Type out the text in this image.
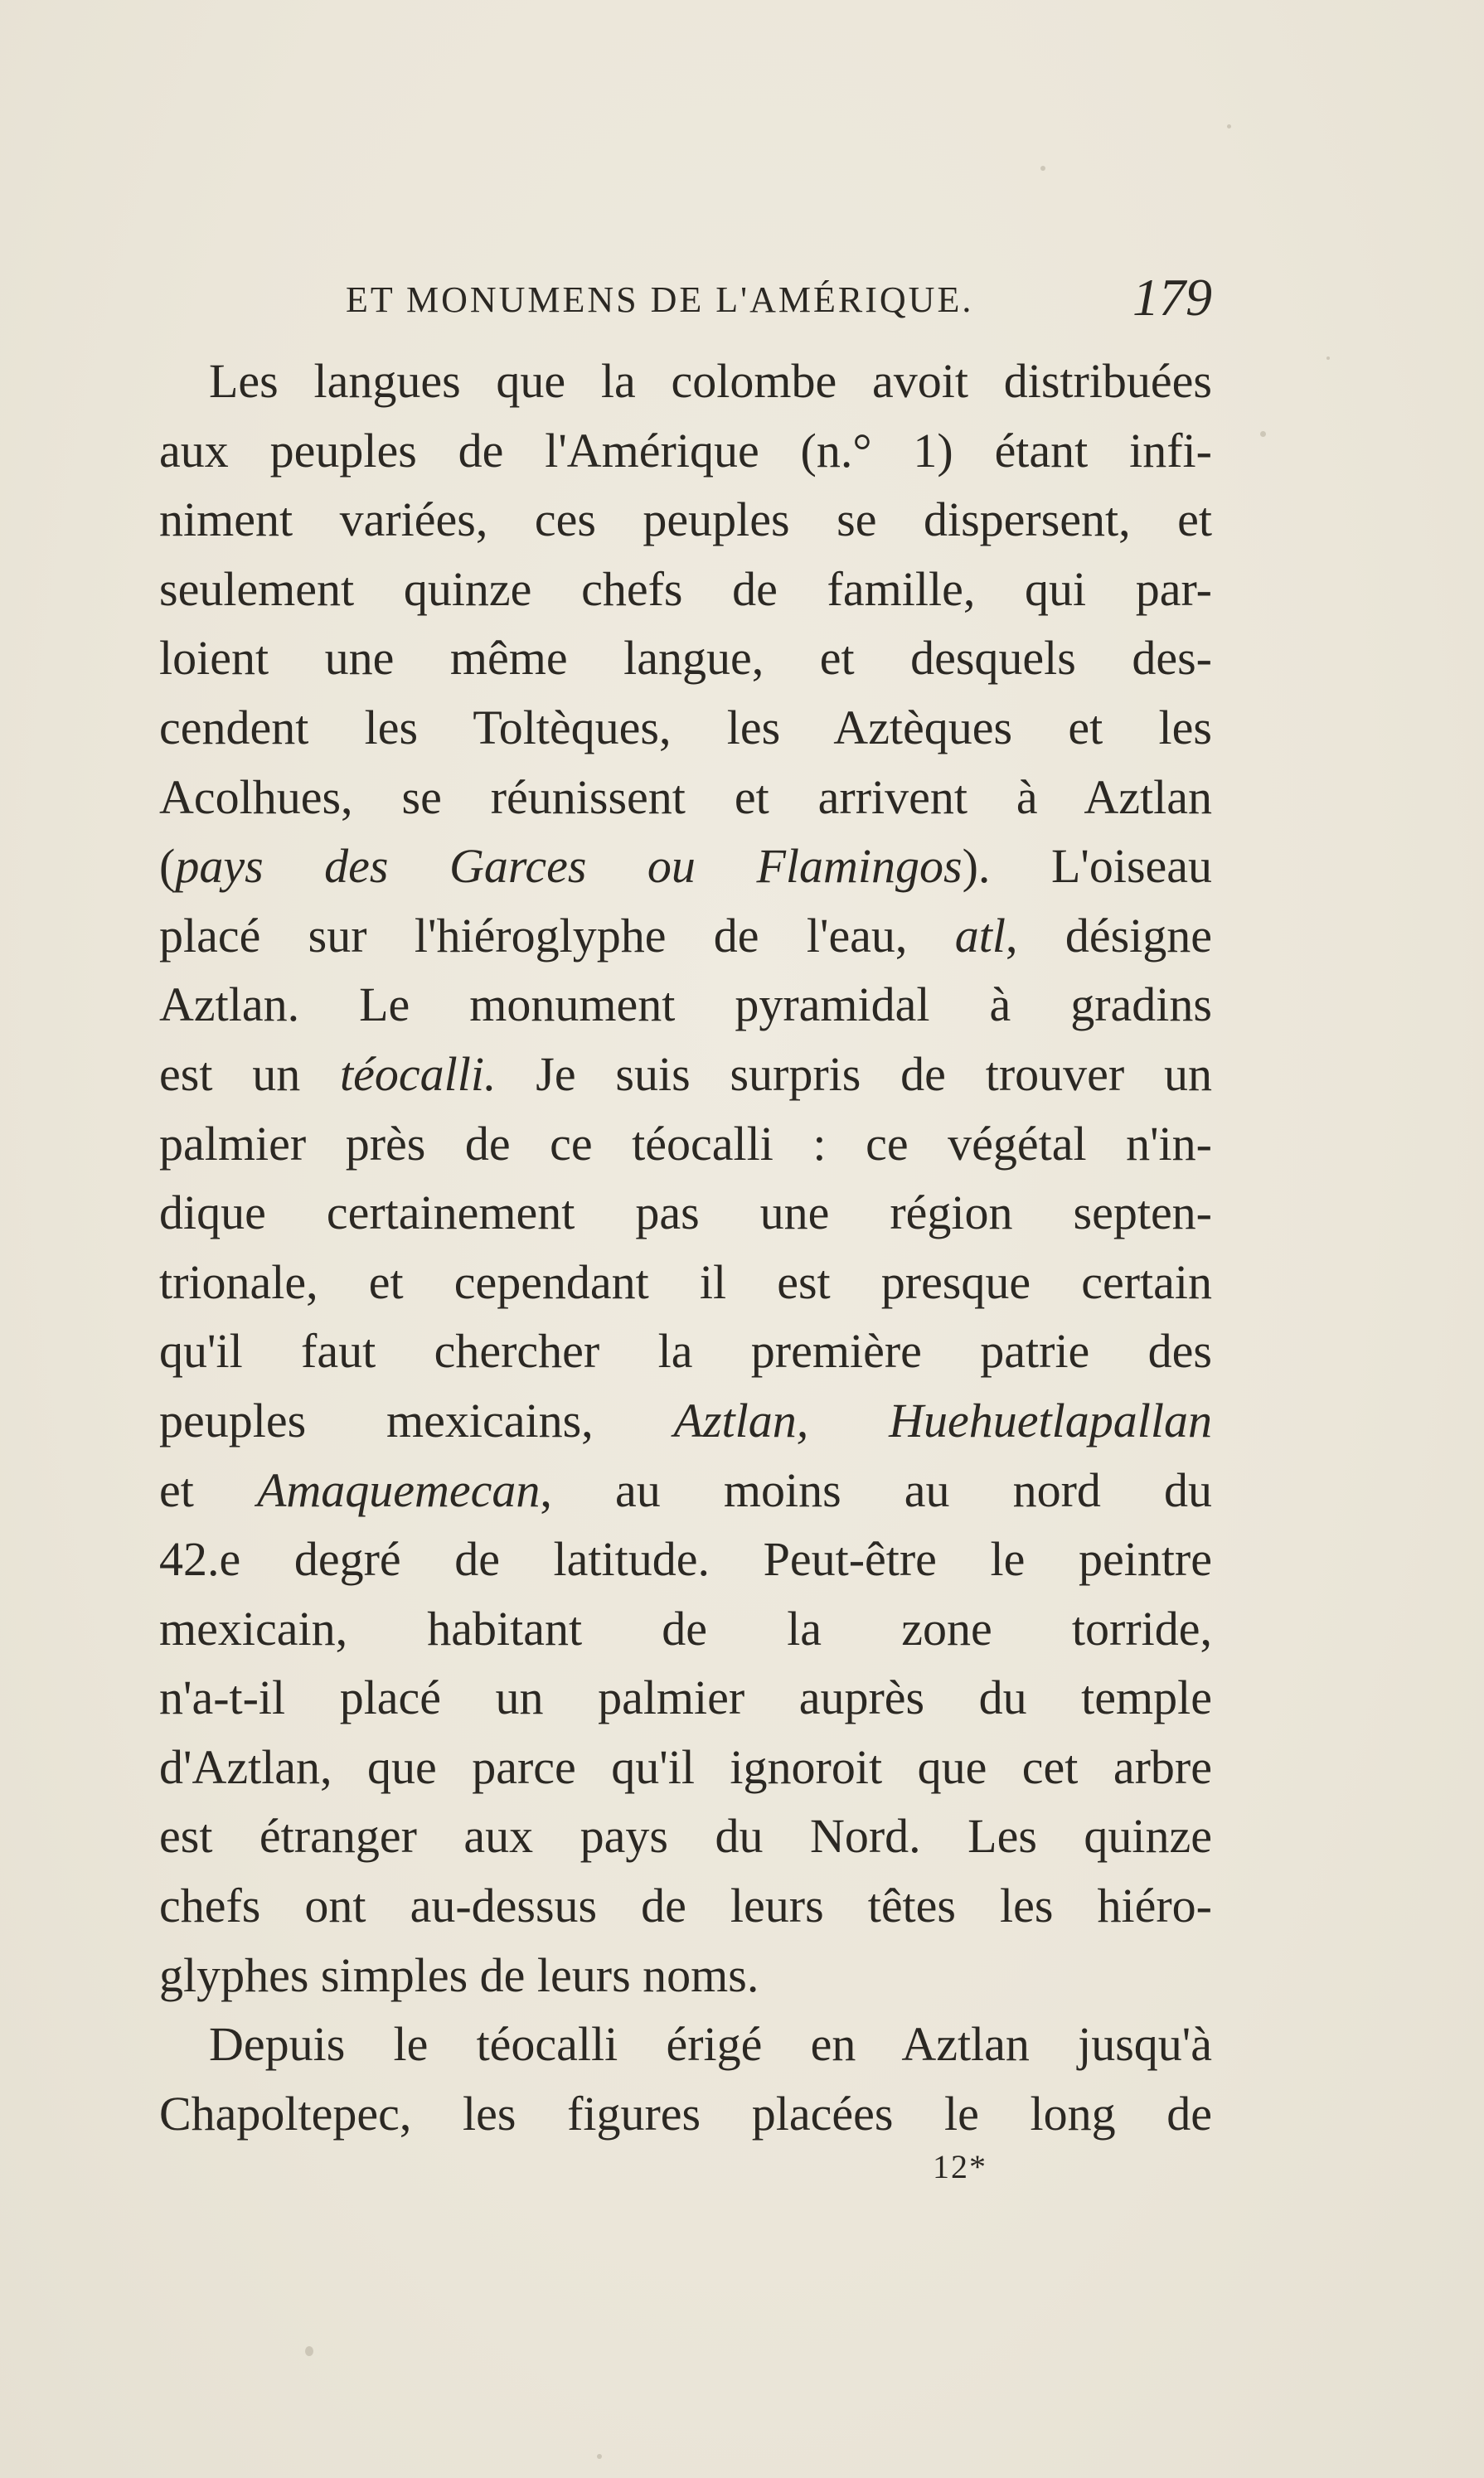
ET MONUMENS DE L'AMÉRIQUE.	179
Les langues que la colombe avoit distribuées
aux peuples de l'Amérique (n.° 1) étant infi-
niment variées, ces peuples se dispersent, et
seulement quinze chefs de famille, qui par-
loient une même langue, et desquels des-
cendent les Toltèques, les Aztèques et les
Acolhues, se réunissent et arrivent à Aztlan
(pays des Garces ou Flamingos). L'oiseau
placé sur l'hiéroglyphe de l'eau, atl, désigne
Aztlan. Le monument pyramidal à gradins
est un téocalli. Je suis surpris de trouver un
palmier près de ce téocalli : ce végétal n'in-
dique certainement pas une région septen-
trionale, et cependant il est presque certain
qu'il faut chercher la première patrie des
peuples mexicains, Aztlan, Huehuetlapallan
et Amaquemecan, au moins au nord du
42.e degré de latitude. Peut-être le peintre
mexicain, habitant de la zone torride,
n'a-t-il placé un palmier auprès du temple
d'Aztlan, que parce qu'il ignoroit que cet arbre
est étranger aux pays du Nord. Les quinze
chefs ont au-dessus de leurs têtes les hiéro-
glyphes simples de leurs noms.
Depuis le téocalli érigé en Aztlan jusqu'à
Chapoltepec, les figures placées le long de
12*
